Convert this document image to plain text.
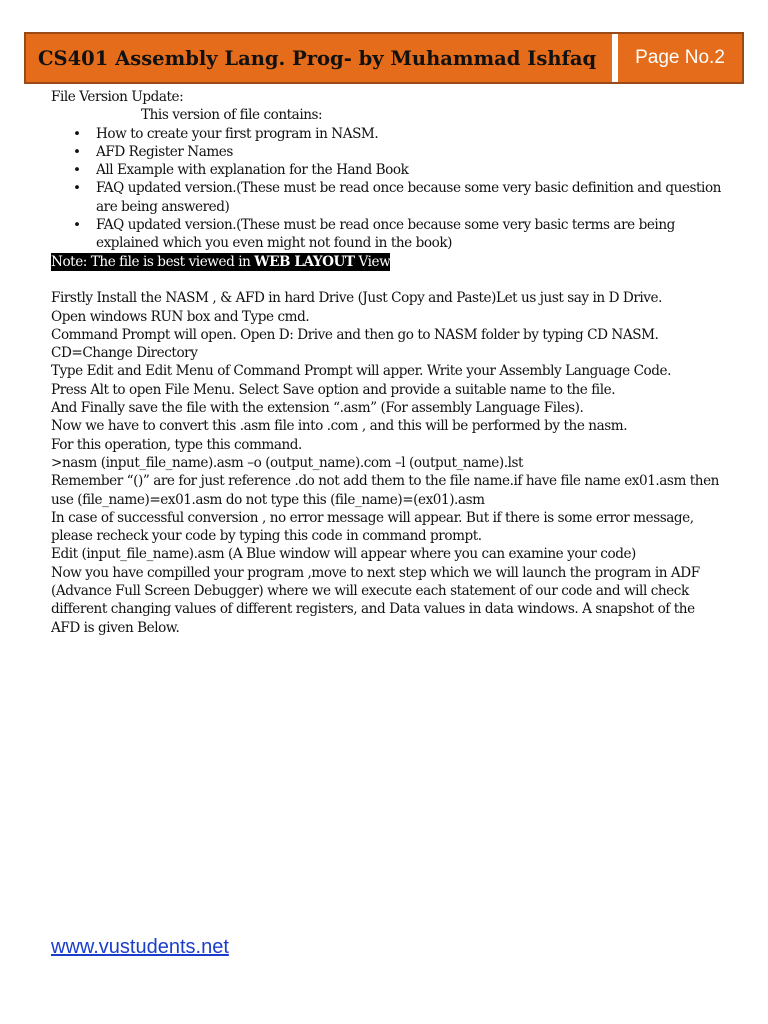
CS401 Assembly Lang. Prog- by Muhammad Ishfaq	Page No.2

File Version Update:

This version of file contains:

• How to create your first program in NASM.
• AFD Register Names
• All Example with explanation for the Hand Book
• FAQ updated version.(These must be read once because some very basic definition and question are being answered)
• FAQ updated version.(These must be read once because some very basic terms are being explained which you even might not found in the book)
Note: The file is best viewed in WEB LAYOUT View

Firstly Install the NASM , & AFD in hard Drive (Just Copy and Paste)Let us just say in D Drive.

Open windows RUN box and Type cmd.

Command Prompt will open. Open D: Drive and then go to NASM folder by typing CD NASM. CD=Change Directory

Type Edit and Edit Menu of Command Prompt will apper. Write your Assembly Language Code.

Press Alt to open File Menu. Select Save option and provide a suitable name to the file.

And Finally save the file with the extension “.asm” (For assembly Language Files).

Now we have to convert this .asm file into .com , and this will be performed by the nasm.

For this operation, type this command.

>nasm (input_file_name).asm –o (output_name).com –l (output_name).lst

Remember “()” are for just reference .do not add them to the file name.if have file name ex01.asm then use (file_name)=ex01.asm do not type this (file_name)=(ex01).asm

In case of successful conversion , no error message will appear. But if there is some error message, please recheck your code by typing this code in command prompt.

Edit (input_file_name).asm (A Blue window will appear where you can examine your code)

Now you have compilled your program ,move to next step which we will launch the program in ADF (Advance Full Screen Debugger) where we will execute each statement of our code and will check different changing values of different registers, and Data values in data windows. A snapshot of the AFD is given Below.

www.vustudents.net
